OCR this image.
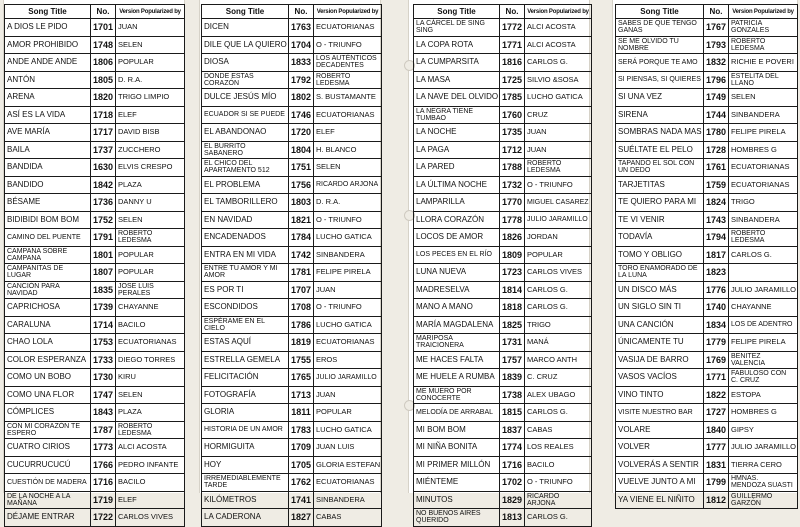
Song Title	No.	Version Popularized by
A DIOS LE PIDO	1701	JUAN
AMOR PROHIBIDO	1748	SELEN
ANDE ANDE ANDE	1806	POPULAR
ANTÓN	1805	D. R.A.
ARENA	1820	TRIGO LIMPIO
ASÍ ES LA VIDA	1718	ELEF
AVE MARÍA	1717	DAVID BISB
BAILA	1737	ZUCCHERO
BANDIDA	1630	ELVIS CRESPO
BANDIDO	1842	PLAZA
BÉSAME	1736	DANNY U
BIDIBIDI BOM BOM	1752	SELEN
CAMINO DEL PUENTE	1791	ROBERTO LEDESMA
CAMPANA SOBRE CAMPANA	1801	POPULAR
CAMPANITAS DE LUGAR	1807	POPULAR
CANCIÓN PARA NAVIDAD	1835	JOSE LUIS PERALES
CAPRICHOSA	1739	CHAYANNE
CARALUNA	1714	BACILO
CHAO LOLA	1753	ECUATORIANAS
COLOR ESPERANZA	1733	DIEGO TORRES
COMO UN BOBO	1730	KIRU
COMO UNA FLOR	1747	SELEN
CÓMPLICES	1843	PLAZA
CON MI CORAZÓN TE ESPERO	1787	ROBERTO LEDESMA
CUATRO CIRIOS	1773	ALCI ACOSTA
CUCURRUCUCÚ	1766	PEDRO INFANTE
CUESTIÓN DE MADERA	1716	BACILO
DE LA NOCHE A LA MAÑANA	1719	ELEF
DÉJAME ENTRAR	1722	CARLOS VIVES
Song Title	No.	Version Popularized by
DICEN	1763	ECUATORIANAS
DILE QUE LA QUIERO	1704	O - TRIUNFO
DIOSA	1833	LOS AUTÉNTICOS DECADENTES
DONDE ESTAS CORAZÓN	1792	ROBERTO LEDESMA
DULCE JESÚS MÍO	1802	S. BUSTAMANTE
ECUADOR SI SE PUEDE	1746	ECUATORIANAS
EL ABANDONAO	1720	ELEF
EL BURRITO SABANERO	1804	H. BLANCO
EL CHICO DEL APARTAMENTO 512	1751	SELEN
EL PROBLEMA	1756	RICARDO ARJONA
EL TAMBORILLERO	1803	D. R.A.
EN NAVIDAD	1821	O - TRIUNFO
ENCADENADOS	1784	LUCHO GATICA
ENTRA EN MI VIDA	1742	SINBANDERA
ENTRE TU AMOR Y MI AMOR	1781	FELIPE PIRELA
ES POR TI	1707	JUAN
ESCONDIDOS	1708	O - TRIUNFO
ESPÉRAME EN EL CIELO	1786	LUCHO GATICA
ESTAS AQUÍ	1819	ECUATORIANAS
ESTRELLA GEMELA	1755	EROS
FELICITACIÓN	1765	JULIO JARAMILLO
FOTOGRAFÍA	1713	JUAN
GLORIA	1811	POPULAR
HISTORIA DE UN AMOR	1783	LUCHO GATICA
HORMIGUITA	1709	JUAN LUIS
HOY	1705	GLORIA ESTEFAN
IRREMEDIABLEMENTE TARDE	1762	ECUATORIANAS
KILÓMETROS	1741	SINBANDERA
LA CADERONA	1827	CABAS
Song Title	No.	Version Popularized by
LA CÁRCEL DE SING SING	1772	ALCI ACOSTA
LA COPA ROTA	1771	ALCI ACOSTA
LA CUMPARSITA	1816	CARLOS G.
LA MASA	1725	SILVIO &SOSA
LA NAVE DEL OLVIDO	1785	LUCHO GATICA
LA NEGRA TIENE TUMBAO	1760	CRUZ
LA NOCHE	1735	JUAN
LA PAGA	1712	JUAN
LA PARED	1788	ROBERTO LEDESMA
LA ÚLTIMA NOCHE	1732	O - TRIUNFO
LAMPARILLA	1770	MIGUEL CASAREZ
LLORA CORAZÓN	1778	JULIO JARAMILLO
LOCOS DE AMOR	1826	JORDAN
LOS PECES EN EL RÍO	1809	POPULAR
LUNA NUEVA	1723	CARLOS VIVES
MADRESELVA	1814	CARLOS G.
MANO A MANO	1818	CARLOS G.
MARÍA MAGDALENA	1825	TRIGO
MARIPOSA TRAICIONERA	1731	MANÁ
ME HACES FALTA	1757	MARCO ANTH
ME HUELE A RUMBA	1839	C. CRUZ
ME MUERO POR CONOCERTE	1738	ALEX UBAGO
MELODÍA DE ARRABAL	1815	CARLOS G.
MI BOM BOM	1837	CABAS
MI NIÑA BONITA	1774	LOS REALES
MI PRIMER MILLÓN	1716	BACILO
MIÉNTEME	1702	O - TRIUNFO
MINUTOS	1829	RICARDO ARJONA
NO BUENOS AIRES QUERIDO	1813	CARLOS G.
Song Title	No.	Version Popularized by
SABES DE QUE TENGO GANAS	1767	PATRICIA GONZALES
SE ME OLVIDO TU NOMBRE	1793	ROBERTO LEDESMA
SERÁ PORQUE TE AMO	1832	RICHIE E POVERI
SI PIENSAS, SI QUIERES	1796	ESTELITA DEL LLANO
SI UNA VEZ	1749	SELEN
SIRENA	1744	SINBANDERA
SOMBRAS NADA MAS	1780	FELIPE PIRELA
SUÉLTATE EL PELO	1728	HOMBRES G
TAPANDO EL SOL CON UN DEDO	1761	ECUATORIANAS
TARJETITAS	1759	ECUATORIANAS
TE QUIERO PARA MI	1824	TRIGO
TE VI VENIR	1743	SINBANDERA
TODAVÍA	1794	ROBERTO LEDESMA
TOMO Y OBLIGO	1817	CARLOS G.
TORO ENAMORADO DE LA LUNA	1823	
UN DISCO MÁS	1776	JULIO JARAMILLO
UN SIGLO SIN TI	1740	CHAYANNE
UNA CANCIÓN	1834	LOS DE ADENTRO
ÚNICAMENTE TU	1779	FELIPE PIRELA
VASIJA DE BARRO	1769	BENITEZ VALENCIA
VASOS VACÍOS	1771	FABULOSO CON C. CRUZ
VINO TINTO	1822	ESTOPA
VISITE NUESTRO BAR	1727	HOMBRES G
VOLARE	1840	GIPSY
VOLVER	1777	JULIO JARAMILLO
VOLVERÁS A SENTIR	1831	TIERRA CERO
VUELVE JUNTO A MI	1799	HMNAS. MENDOZA SUASTI
YA VIENE EL NIÑITO	1812	GUILLERMO GARZÓN
